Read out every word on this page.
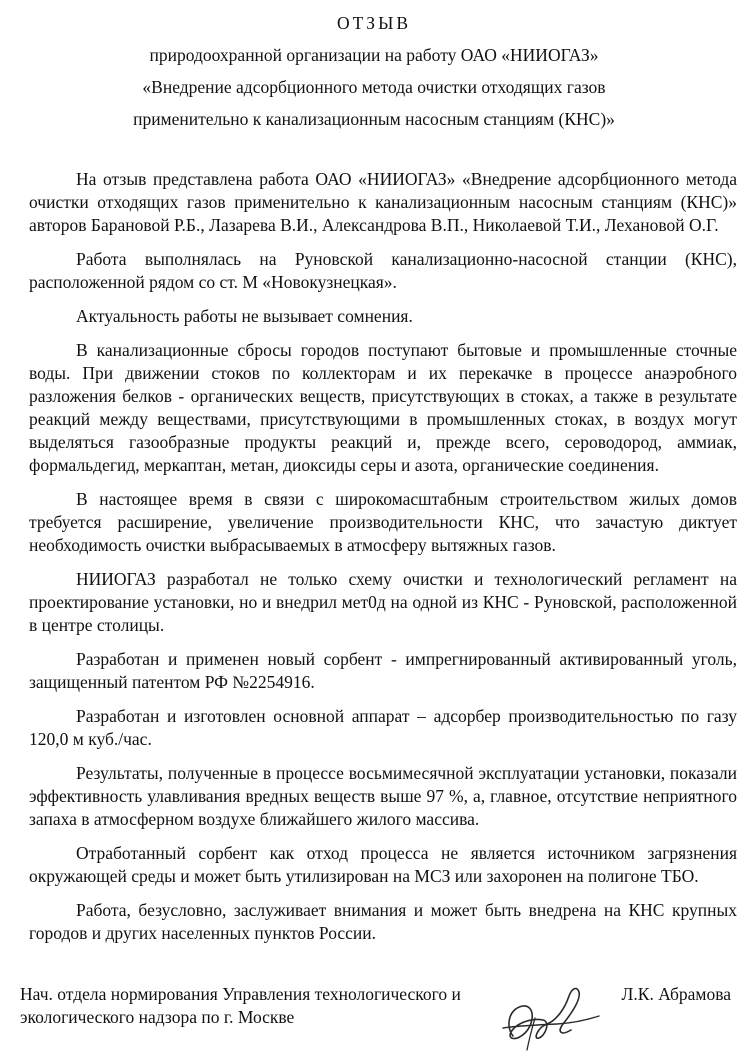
ОТЗЫВ
природоохранной организации на работу ОАО «НИИОГАЗ»
«Внедрение адсорбционного метода очистки отходящих газов
применительно к канализационным насосным станциям (КНС)»

На отзыв представлена работа ОАО «НИИОГАЗ» «Внедрение адсорбционного метода очистки отходящих газов применительно к канализационным насосным станциям (КНС)» авторов Барановой Р.Б., Лазарева В.И., Александрова В.П., Николаевой Т.И., Лехановой О.Г.

Работа выполнялась на Руновской канализационно-насосной станции (КНС), расположенной рядом со ст. М «Новокузнецкая».

Актуальность работы не вызывает сомнения.

В канализационные сбросы городов поступают бытовые и промышленные сточные воды. При движении стоков по коллекторам и их перекачке в процессе анаэробного разложения белков - органических веществ, присутствующих в стоках, а также в результате реакций между веществами, присутствующими в промышленных стоках, в воздух могут выделяться газообразные продукты реакций и, прежде всего, сероводород, аммиак, формальдегид, меркаптан, метан, диоксиды серы и азота, органические соединения.

В настоящее время в связи с широкомасштабным строительством жилых домов требуется расширение, увеличение производительности КНС, что зачастую диктует необходимость очистки выбрасываемых в атмосферу вытяжных газов.

НИИОГАЗ разработал не только схему очистки и технологический регламент на проектирование установки, но и внедрил мет0д на одной из КНС - Руновской, расположенной в центре столицы.

Разработан и применен новый сорбент - импрегнированный активированный уголь, защищенный патентом РФ №2254916.

Разработан и изготовлен основной аппарат – адсорбер производительностью по газу 120,0 м куб./час.

Результаты, полученные в процессе восьмимесячной эксплуатации установки, показали эффективность улавливания вредных веществ выше 97 %, а, главное, отсутствие неприятного запаха в атмосферном воздухе ближайшего жилого массива.

Отработанный сорбент как отход процесса не является источником загрязнения окружающей среды и может быть утилизирован на МСЗ или захоронен на полигоне ТБО.

Работа, безусловно, заслуживает внимания и может быть внедрена на КНС крупных городов и других населенных пунктов России.

Нач. отдела нормирования Управления технологического и
экологического надзора по г. Москве
Л.К. Абрамова
